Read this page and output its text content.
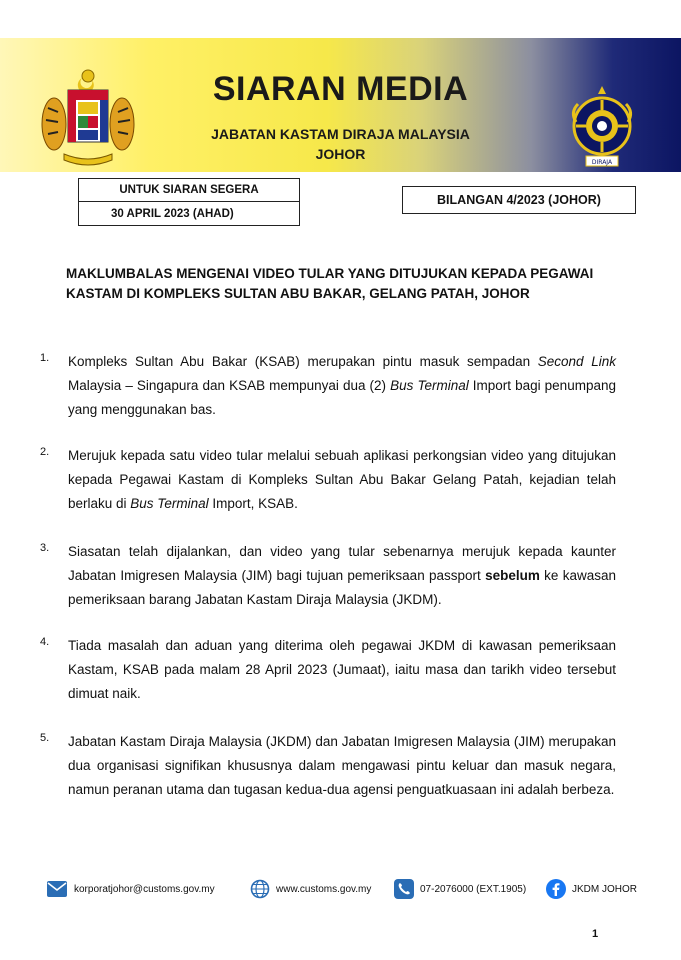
SIARAN MEDIA
JABATAN KASTAM DIRAJA MALAYSIA
JOHOR
DIRAJA
UNTUK SIARAN SEGERA
30 APRIL 2023 (AHAD)
BILANGAN 4/2023 (JOHOR)
MAKLUMBALAS MENGENAI VIDEO TULAR YANG DITUJUKAN KEPADA PEGAWAI
KASTAM DI KOMPLEKS SULTAN ABU BAKAR, GELANG PATAH, JOHOR
1. Kompleks Sultan Abu Bakar (KSAB) merupakan pintu masuk sempadan Second Link Malaysia – Singapura dan KSAB mempunyai dua (2) Bus Terminal Import bagi penumpang yang menggunakan bas.
2. Merujuk kepada satu video tular melalui sebuah aplikasi perkongsian video yang ditujukan kepada Pegawai Kastam di Kompleks Sultan Abu Bakar Gelang Patah, kejadian telah berlaku di Bus Terminal Import, KSAB.
3. Siasatan telah dijalankan, dan video yang tular sebenarnya merujuk kepada kaunter Jabatan Imigresen Malaysia (JIM) bagi tujuan pemeriksaan passport sebelum ke kawasan pemeriksaan barang Jabatan Kastam Diraja Malaysia (JKDM).
4. Tiada masalah dan aduan yang diterima oleh pegawai JKDM di kawasan pemeriksaan Kastam, KSAB pada malam 28 April 2023 (Jumaat), iaitu masa dan tarikh video tersebut dimuat naik.
5. Jabatan Kastam Diraja Malaysia (JKDM) dan Jabatan Imigresen Malaysia (JIM) merupakan dua organisasi signifikan khususnya dalam mengawasi pintu keluar dan masuk negara, namun peranan utama dan tugasan kedua-dua agensi penguatkuasaan ini adalah berbeza.
korporatjohor@customs.gov.my	www.customs.gov.my	07-2076000 (EXT.1905)	JKDM JOHOR
1
